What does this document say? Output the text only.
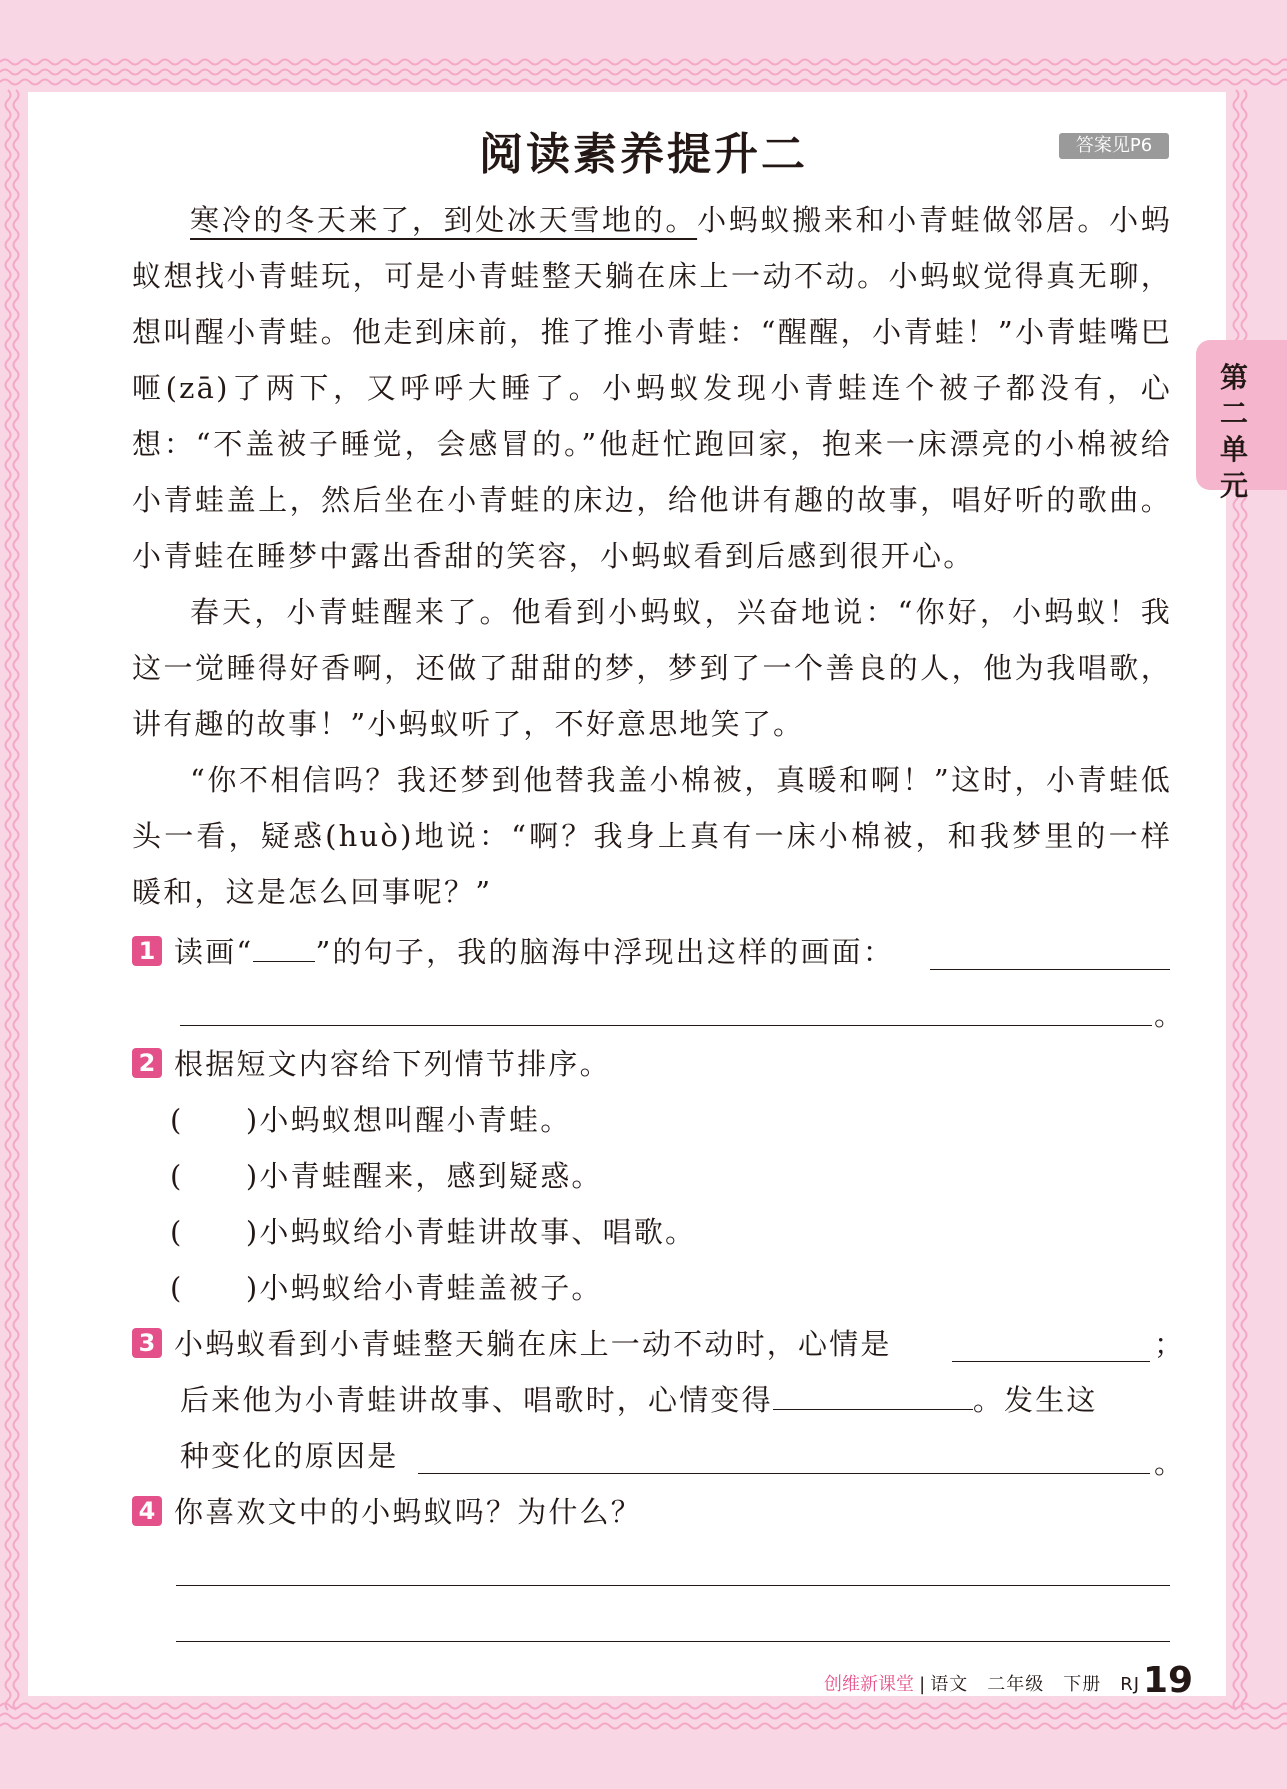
阅读素养提升二	答案见P6
第二单元

寒冷的冬天来了，到处冰天雪地的。小蚂蚁搬来和小青蛙做邻居。小蚂蚁想找小青蛙玩，可是小青蛙整天躺在床上一动不动。小蚂蚁觉得真无聊，想叫醒小青蛙。他走到床前，推了推小青蛙：“醒醒，小青蛙！”小青蛙嘴巴咂(zā)了两下，又呼呼大睡了。小蚂蚁发现小青蛙连个被子都没有，心想：“不盖被子睡觉，会感冒的。”他赶忙跑回家，抱来一床漂亮的小棉被给小青蛙盖上，然后坐在小青蛙的床边，给他讲有趣的故事，唱好听的歌曲。小青蛙在睡梦中露出香甜的笑容，小蚂蚁看到后感到很开心。

春天，小青蛙醒来了。他看到小蚂蚁，兴奋地说：“你好，小蚂蚁！我这一觉睡得好香啊，还做了甜甜的梦，梦到了一个善良的人，他为我唱歌，讲有趣的故事！”小蚂蚁听了，不好意思地笑了。

“你不相信吗？我还梦到他替我盖小棉被，真暖和啊！”这时，小青蛙低头一看，疑惑(huò)地说：“啊？我身上真有一床小棉被，和我梦里的一样暖和，这是怎么回事呢？”

1 读画“ ”的句子，我的脑海中浮现出这样的画面：
。
2 根据短文内容给下列情节排序。
(　　)小蚂蚁想叫醒小青蛙。
(　　)小青蛙醒来，感到疑惑。
(　　)小蚂蚁给小青蛙讲故事、唱歌。
(　　)小蚂蚁给小青蛙盖被子。
3 小蚂蚁看到小青蛙整天躺在床上一动不动时，心情是	；
后来他为小青蛙讲故事、唱歌时，心情变得	。发生这
种变化的原因是	。
4 你喜欢文中的小蚂蚁吗？为什么？
创维新课堂 | 语文　二年级　下册　RJ 19
